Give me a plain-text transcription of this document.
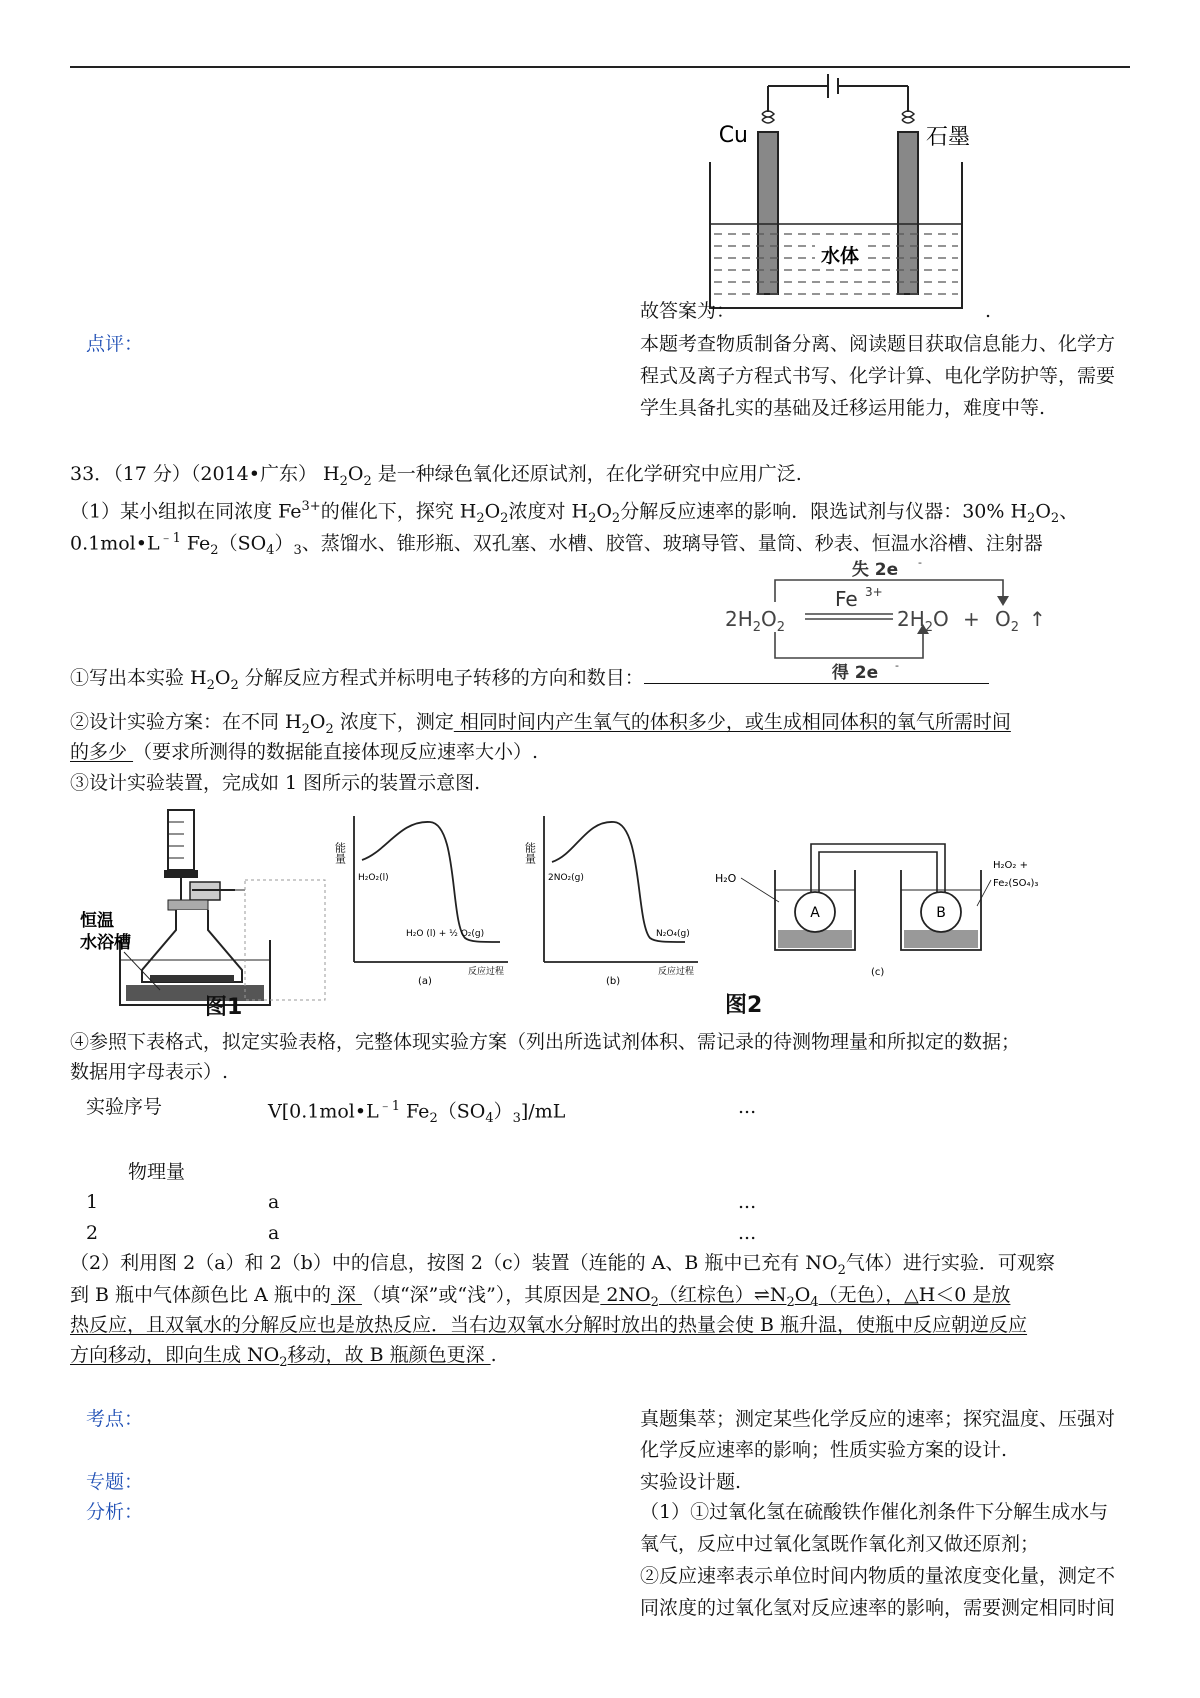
水体
Cu	石墨
故答案为：	.
点评：	本题考查物质制备分离、阅读题目获取信息能力、化学方
程式及离子方程式书写、化学计算、电化学防护等，需要
学生具备扎实的基础及迁移运用能力，难度中等.
33．（17 分）（2014•广东） $H_2O_2$ 是一种绿色氧化还原试剂，在化学研究中应用广泛.
（1）某小组拟在同浓度 $Fe^{3+}$的催化下，探究 $H_2O_2$浓度对 $H_2O_2$分解反应速率的影响．限选试剂与仪器：30% $H_2O_2$、
$0.1mol•L^{﹣1}$ $Fe_2(SO_4)_3$、蒸馏水、锥形瓶、双孔塞、水槽、胶管、玻璃导管、量筒、秒表、恒温水浴槽、注射器
失 2e -
得 2e -
Fe 3+
$2H_2O_2$	$2H_2O + O_2$ ↑
①写出本实验 $H_2O_2$ 分解反应方程式并标明电子转移的方向和数目：
②设计实验方案：在不同 $H_2O_2$ 浓度下，测定 相同时间内产生氧气的体积多少，或生成相同体积的氧气所需时间
的多少 （要求所测得的数据能直接体现反应速率大小）.
③设计实验装置，完成如 1 图所示的装置示意图.
恒温
水浴槽
图1
能量
H₂O₂(l)
H₂O (l) + ½ O₂(g)
反应过程
(a)
能量
2NO₂(g)
N₂O₄(g)
反应过程
(b)
A	B
H₂O
H₂O₂ +
Fe₂(SO₄)₃
(c)
图2
④参照下表格式，拟定实验表格，完整体现实验方案（列出所选试剂体积、需记录的待测物理量和所拟定的数据；
数据用字母表示）.
实验序号	$V[0.1mol•L^{﹣1}$ $Fe_2(SO_4)_3]/mL$	...
物理量
1	a	...
2	a	...
（2）利用图 2（a）和 2（b）中的信息，按图 2（c）装置（连能的 A、B 瓶中已充有 $NO_2$气体）进行实验．可观察
到 B 瓶中气体颜色比 A 瓶中的 深 （填“深”或“浅”），其原因是 $2NO_2$（红棕色）$\rightleftharpoons N_2O_4$（无色），△H＜0 是放
热反应，且双氧水的分解反应也是放热反应．当右边双氧水分解时放出的热量会使 B 瓶升温，使瓶中反应朝逆反应
方向移动，即向生成 $NO_2$移动，故 B 瓶颜色更深 .
考点：	真题集萃；测定某些化学反应的速率；探究温度、压强对
化学反应速率的影响；性质实验方案的设计.
专题：	实验设计题.
分析：	（1）①过氧化氢在硫酸铁作催化剂条件下分解生成水与
氧气，反应中过氧化氢既作氧化剂又做还原剂；
②反应速率表示单位时间内物质的量浓度变化量，测定不
同浓度的过氧化氢对反应速率的影响，需要测定相同时间
